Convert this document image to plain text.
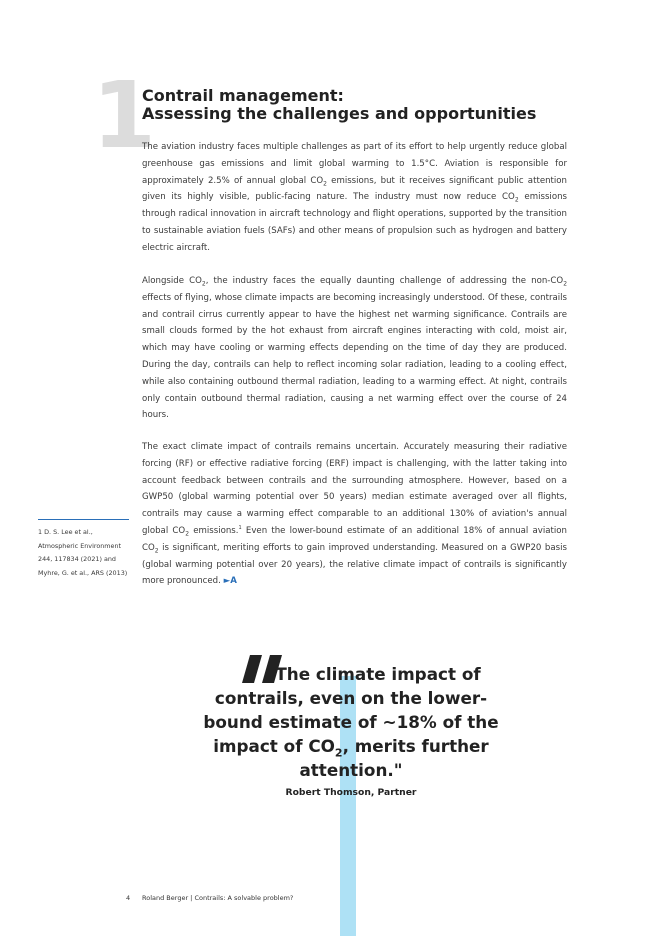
1
Contrail management:
Assessing the challenges and opportunities
The aviation industry faces multiple challenges as part of its effort to help urgently reduce global greenhouse gas emissions and limit global warming to 1.5°C. Aviation is responsible for approximately 2.5% of annual global $CO_2$ emissions, but it receives significant public attention given its highly visible, public-facing nature. The industry must now reduce $CO_2$ emissions through radical innovation in aircraft technology and flight operations, supported by the transition to sustainable aviation fuels (SAFs) and other means of propulsion such as hydrogen and battery electric aircraft.
Alongside $CO_2$, the industry faces the equally daunting challenge of addressing the non-$CO_2$ effects of flying, whose climate impacts are becoming increasingly understood. Of these, contrails and contrail cirrus currently appear to have the highest net warming significance. Contrails are small clouds formed by the hot exhaust from aircraft engines interacting with cold, moist air, which may have cooling or warming effects depending on the time of day they are produced. During the day, contrails can help to reflect incoming solar radiation, leading to a cooling effect, while also containing outbound thermal radiation, leading to a warming effect. At night, contrails only contain outbound thermal radiation, causing a net warming effect over the course of 24 hours.
The exact climate impact of contrails remains uncertain. Accurately measuring their radiative forcing (RF) or effective radiative forcing (ERF) impact is challenging, with the latter taking into account feedback between contrails and the surrounding atmosphere. However, based on a GWP50 (global warming potential over 50 years) median estimate averaged over all flights, contrails may cause a warming effect comparable to an additional 130% of aviation's annual global $CO_2$ emissions.$^1$ Even the lower-bound estimate of an additional 18% of annual aviation $CO_2$ is significant, meriting efforts to gain improved understanding. Measured on a GWP20 basis (global warming potential over 20 years), the relative climate impact of contrails is significantly more pronounced. ►A
1 D. S. Lee et al., Atmospheric Environment 244, 117834 (2021) and Myhre, G. et al., ARS (2013)
The climate impact of contrails, even on the lower-bound estimate of ~18% of the impact of $CO_2$, merits further attention."
Robert Thomson, Partner
4 Roland Berger | Contrails: A solvable problem?
